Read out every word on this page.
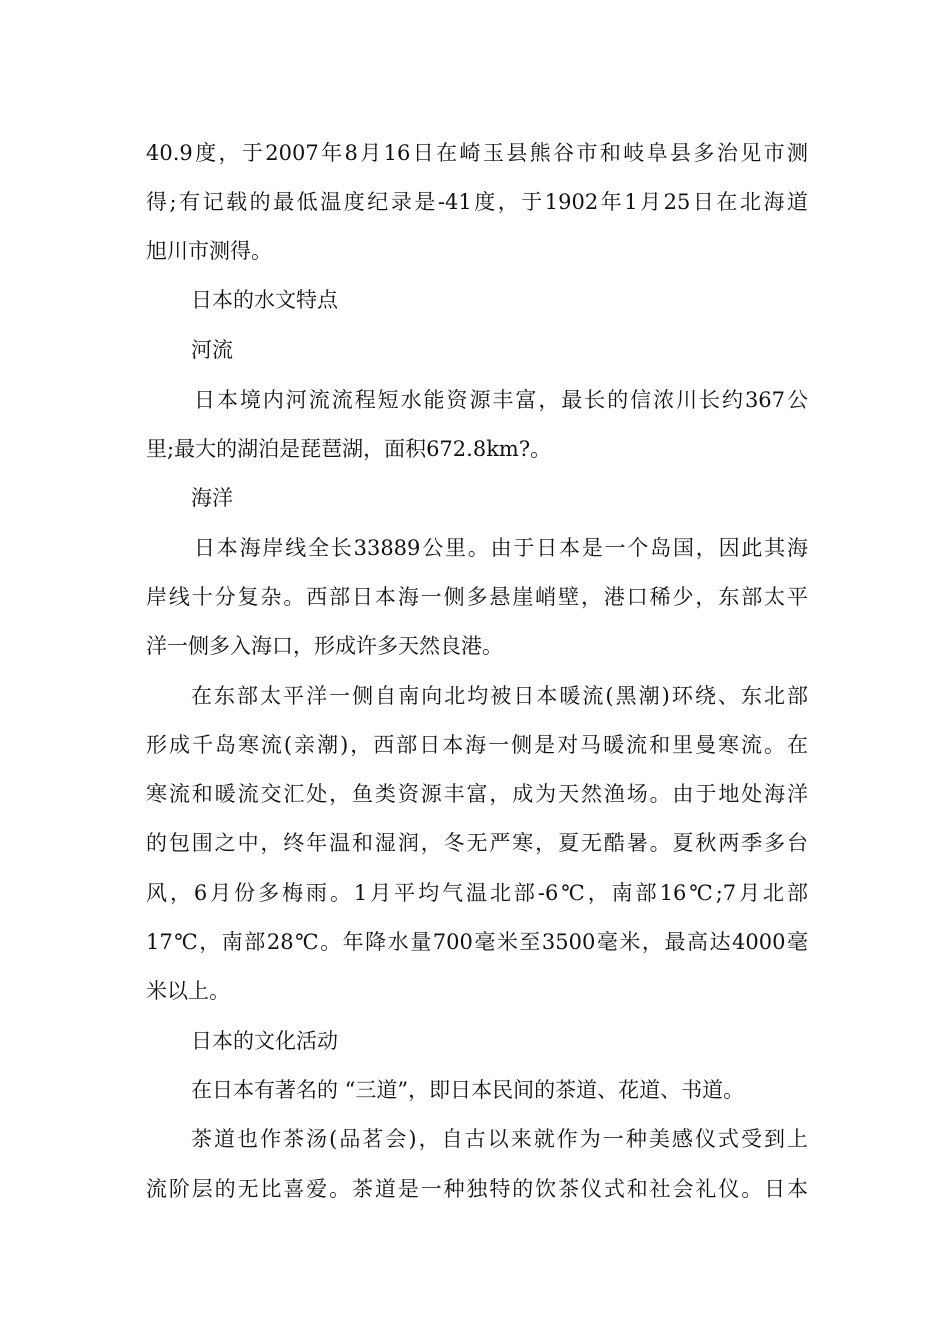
40.9度，于2007年8月16日在崎玉县熊谷市和岐阜县多治见市测
得;有记载的最低温度纪录是-41度，于1902年1月25日在北海道
旭川市测得。
日本的水文特点
河流
日本境内河流流程短水能资源丰富，最长的信浓川长约367公
里;最大的湖泊是琵琶湖，面积672.8km?。
海洋
日本海岸线全长33889公里。由于日本是一个岛国，因此其海
岸线十分复杂。西部日本海一侧多悬崖峭壁，港口稀少，东部太平
洋一侧多入海口，形成许多天然良港。
在东部太平洋一侧自南向北均被日本暖流(黑潮)环绕、东北部
形成千岛寒流(亲潮)，西部日本海一侧是对马暖流和里曼寒流。在
寒流和暖流交汇处，鱼类资源丰富，成为天然渔场。由于地处海洋
的包围之中，终年温和湿润，冬无严寒，夏无酷暑。夏秋两季多台
风，6月份多梅雨。1月平均气温北部-6℃，南部16℃;7月北部
17℃，南部28℃。年降水量700毫米至3500毫米，最高达4000毫
米以上。
日本的文化活动
在日本有著名的 “三道”，即日本民间的茶道、花道、书道。
茶道也作茶汤(品茗会)，自古以来就作为一种美感仪式受到上
流阶层的无比喜爱。茶道是一种独特的饮茶仪式和社会礼仪。日本
